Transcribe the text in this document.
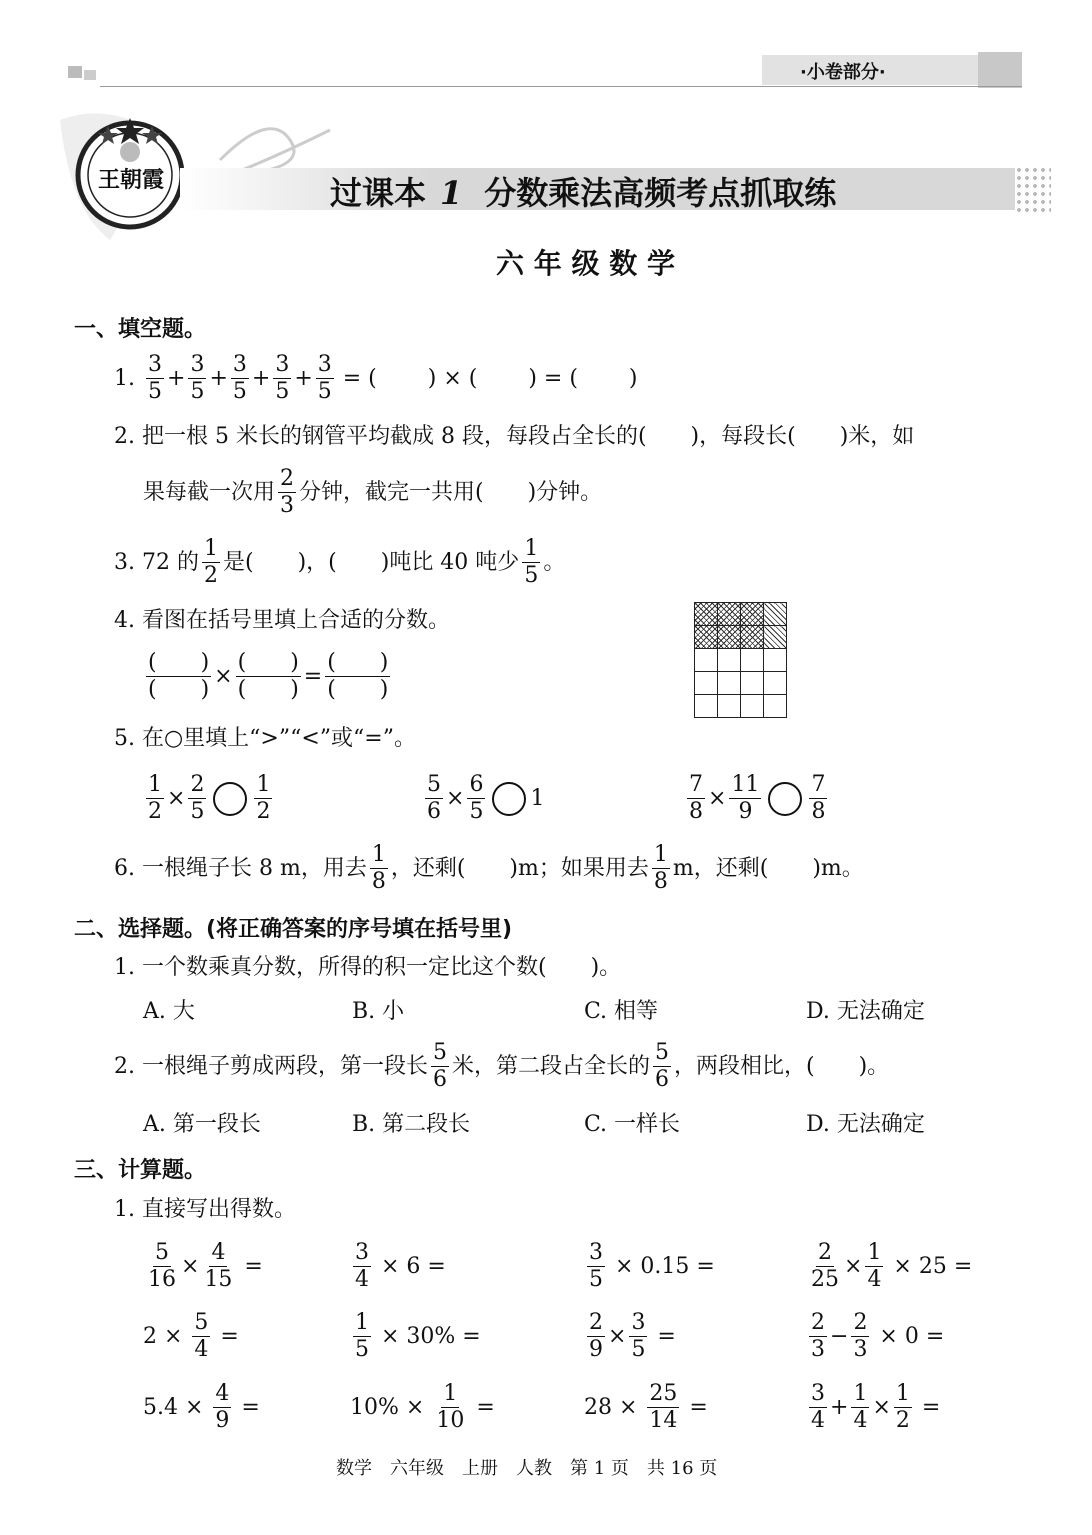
·小卷部分·
王朝霞	过课本 1 分数乘法高频考点抓取练
六 年 级 数 学
一、填空题。
1. $\frac{3}{5} + \frac{3}{5} + \frac{3}{5} + \frac{3}{5} + \frac{3}{5}$ = (　　 ) × (　　 ) = (　　 )
2. 把一根 5 米长的钢管平均截成 8 段，每段占全长的(　　)，每段长(　　)米，如
果每截一次用 $\frac{2}{3}$ 分钟，截完一共用(　　)分钟。
3. 72 的 $\frac{1}{2}$ 是(　　)，(　　)吨比 40 吨少 $\frac{1}{5}$ 。
4. 看图在括号里填上合适的分数。
$\frac{( )}{( )} \times \frac{( )}{( )} = \frac{( )}{( )}$

5. 在○里填上“>”“<”或“=”。
$\frac{1}{2} \times \frac{2}{5} \frac{1}{2}$	$\frac{5}{6} \times \frac{6}{5} 1$	$\frac{7}{8} \times \frac{11}{9} \frac{7}{8}$
6. 一根绳子长 8 m，用去 $\frac{1}{8}$ ，还剩(　　)m；如果用去 $\frac{1}{8}$ m，还剩(　　)m。
二、选择题。(将正确答案的序号填在括号里)
1. 一个数乘真分数，所得的积一定比这个数(　　)。
A. 大	B. 小	C. 相等	D. 无法确定
2. 一根绳子剪成两段，第一段长 $\frac{5}{6}$ 米，第二段占全长的 $\frac{5}{6}$ ，两段相比，(　　)。
A. 第一段长	B. 第二段长	C. 一样长	D. 无法确定
三、计算题。
1. 直接写出得数。
$\frac{5}{16} \times \frac{4}{15}$ =	$\frac{3}{4} \times 6$ =	$\frac{3}{5} \times 0.15$ =	$\frac{2}{25} \times \frac{1}{4} \times 25$ =
$2 \times \frac{5}{4}$ =	$\frac{1}{5} \times 30\%$ =	$\frac{2}{9} \times \frac{3}{5}$ =	$\frac{2}{3} - \frac{2}{3} \times 0$ =
$5.4 \times \frac{4}{9}$ =	$10\% \times \frac{1}{10}$ =	$28 \times \frac{25}{14}$ =	$\frac{3}{4} + \frac{1}{4} \times \frac{1}{2}$ =
数学　六年级　上册　人教　第 1 页　共 16 页
